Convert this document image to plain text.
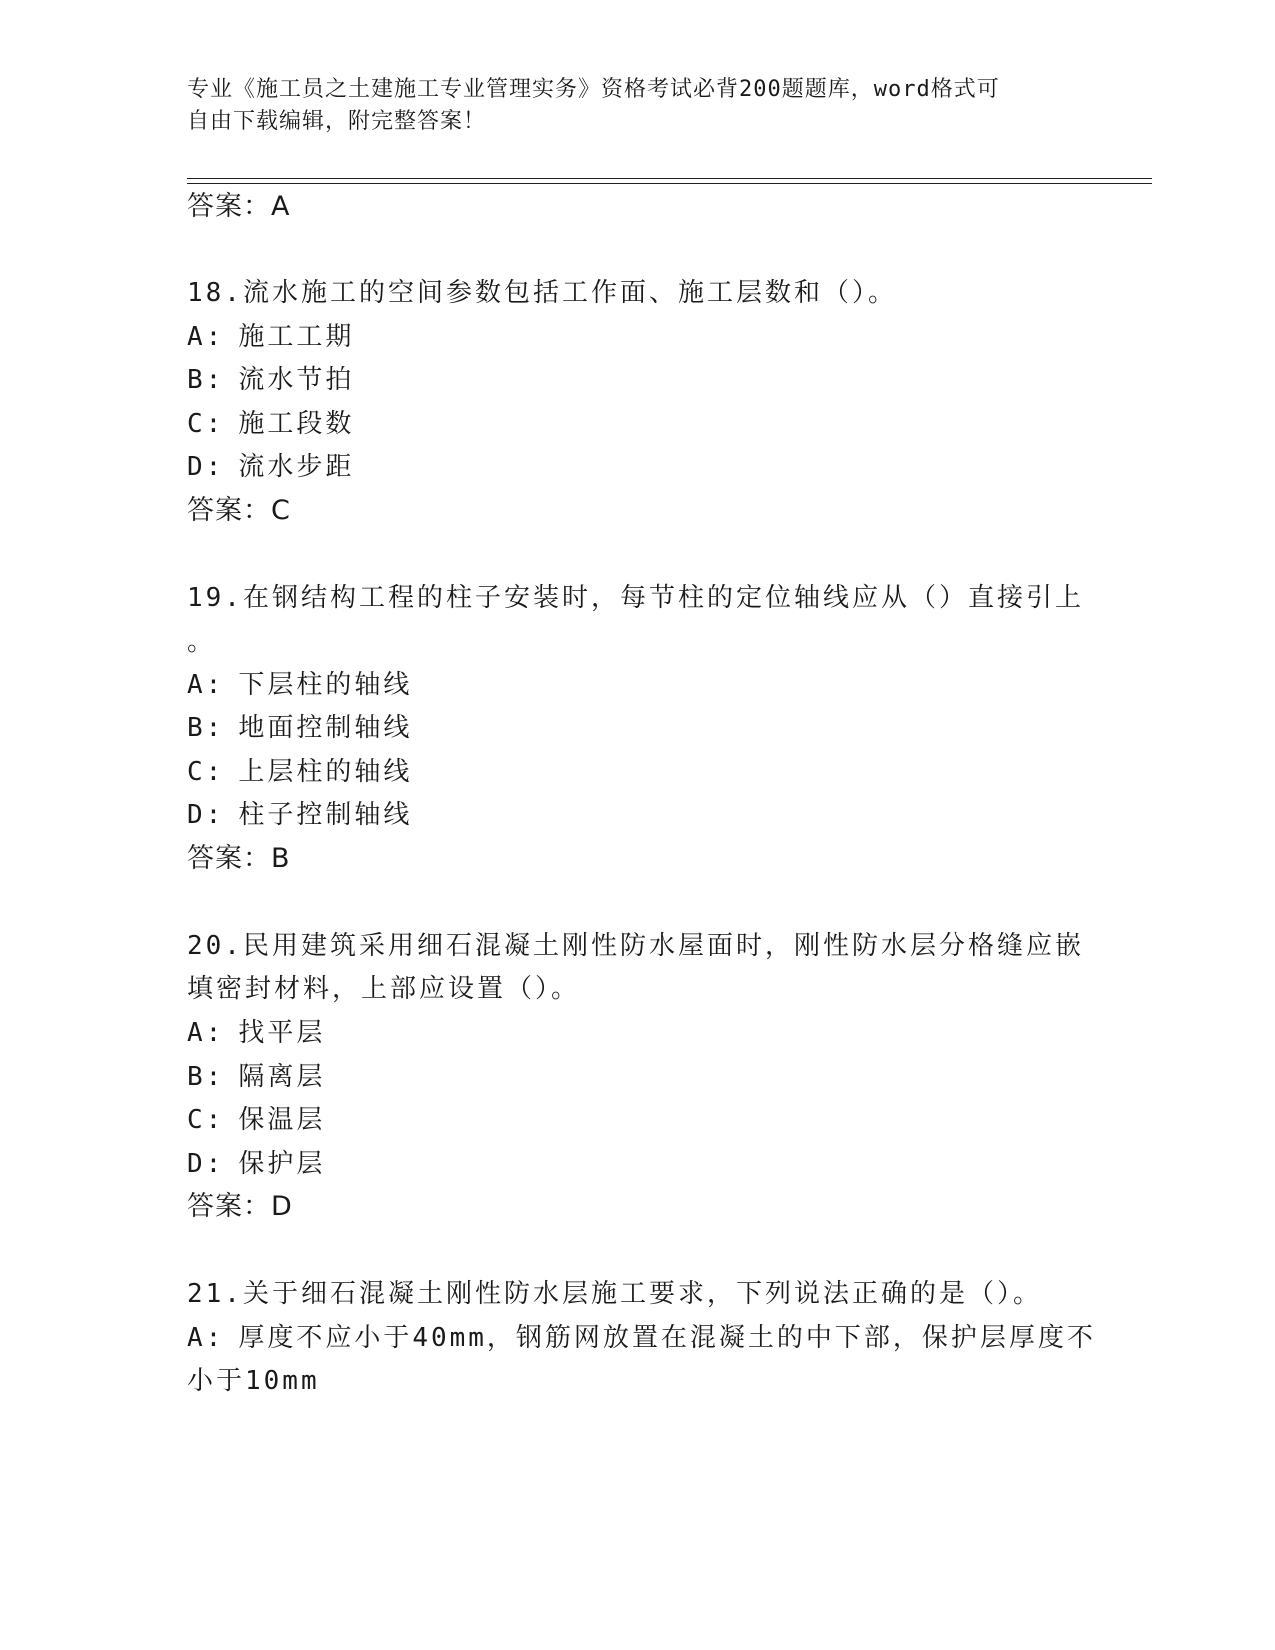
专业《施工员之土建施工专业管理实务》资格考试必背200题题库，word格式可
自由下载编辑，附完整答案！
答案：A
18.流水施工的空间参数包括工作面、施工层数和（）。
A: 施工工期
B: 流水节拍
C: 施工段数
D: 流水步距
答案：C
19.在钢结构工程的柱子安装时，每节柱的定位轴线应从（）直接引上
。
A: 下层柱的轴线
B: 地面控制轴线
C: 上层柱的轴线
D: 柱子控制轴线
答案：B
20.民用建筑采用细石混凝土刚性防水屋面时，刚性防水层分格缝应嵌
填密封材料，上部应设置（）。
A: 找平层
B: 隔离层
C: 保温层
D: 保护层
答案：D
21.关于细石混凝土刚性防水层施工要求，下列说法正确的是（）。
A: 厚度不应小于40mm，钢筋网放置在混凝土的中下部，保护层厚度不
小于10mm
